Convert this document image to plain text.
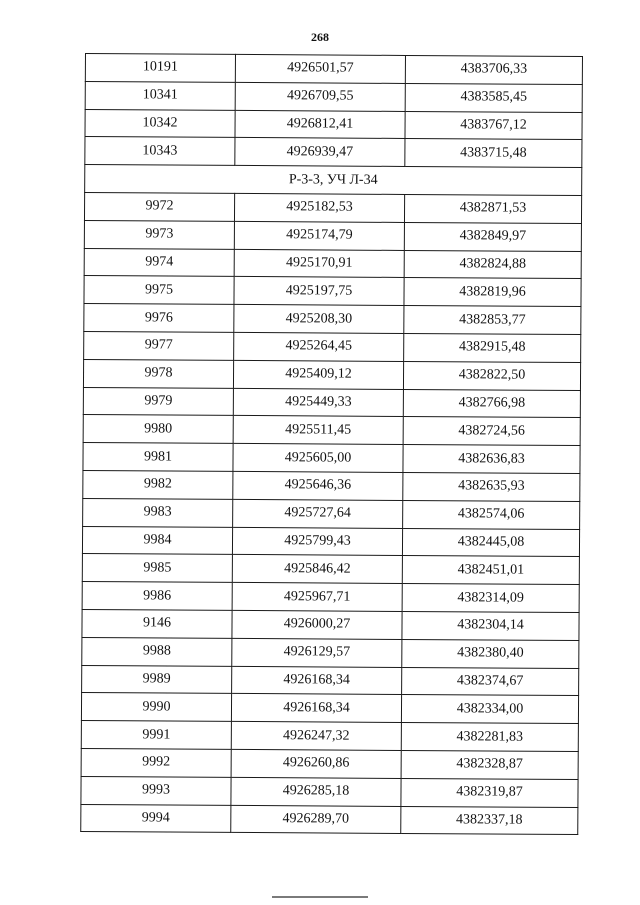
268
10191	4926501,57	4383706,33
10341	4926709,55	4383585,45
10342	4926812,41	4383767,12
10343	4926939,47	4383715,48
Р-3-3, УЧ Л-34		
9972	4925182,53	4382871,53
9973	4925174,79	4382849,97
9974	4925170,91	4382824,88
9975	4925197,75	4382819,96
9976	4925208,30	4382853,77
9977	4925264,45	4382915,48
9978	4925409,12	4382822,50
9979	4925449,33	4382766,98
9980	4925511,45	4382724,56
9981	4925605,00	4382636,83
9982	4925646,36	4382635,93
9983	4925727,64	4382574,06
9984	4925799,43	4382445,08
9985	4925846,42	4382451,01
9986	4925967,71	4382314,09
9146	4926000,27	4382304,14
9988	4926129,57	4382380,40
9989	4926168,34	4382374,67
9990	4926168,34	4382334,00
9991	4926247,32	4382281,83
9992	4926260,86	4382328,87
9993	4926285,18	4382319,87
9994	4926289,70	4382337,18
